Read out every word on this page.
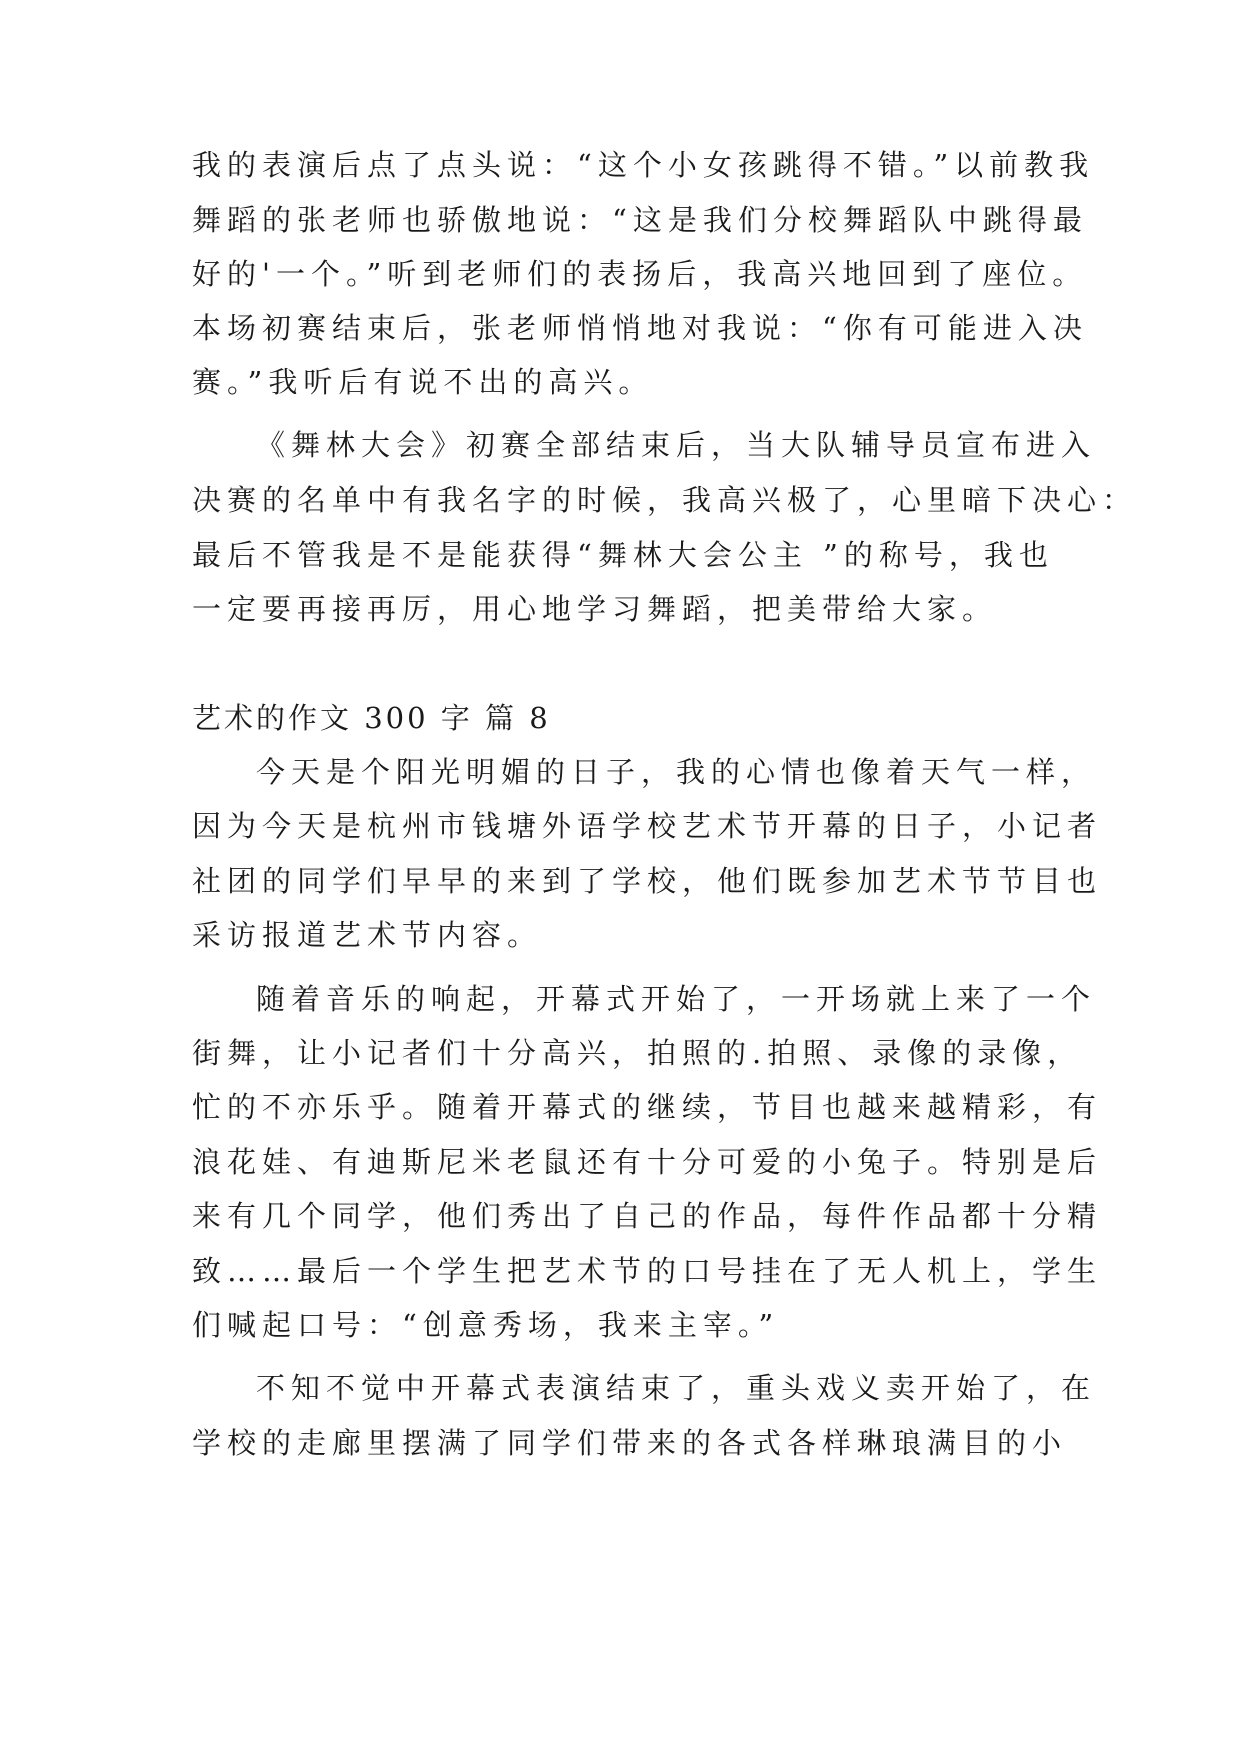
我的表演后点了点头说：“这个小女孩跳得不错。”以前教我
舞蹈的张老师也骄傲地说：“这是我们分校舞蹈队中跳得最
好的'一个。”听到老师们的表扬后，我高兴地回到了座位。
本场初赛结束后，张老师悄悄地对我说：“你有可能进入决
赛。”我听后有说不出的高兴。
《舞林大会》初赛全部结束后，当大队辅导员宣布进入
决赛的名单中有我名字的时候，我高兴极了，心里暗下决心：
最后不管我是不是能获得“舞林大会公主 ”的称号，我也
一定要再接再厉，用心地学习舞蹈，把美带给大家。
艺术的作文 300 字 篇 8
今天是个阳光明媚的日子，我的心情也像着天气一样，
因为今天是杭州市钱塘外语学校艺术节开幕的日子，小记者
社团的同学们早早的来到了学校，他们既参加艺术节节目也
采访报道艺术节内容。
随着音乐的响起，开幕式开始了，一开场就上来了一个
街舞，让小记者们十分高兴，拍照的.拍照、录像的录像，
忙的不亦乐乎。随着开幕式的继续，节目也越来越精彩，有
浪花娃、有迪斯尼米老鼠还有十分可爱的小兔子。特别是后
来有几个同学，他们秀出了自己的作品，每件作品都十分精
致……最后一个学生把艺术节的口号挂在了无人机上，学生
们喊起口号：“创意秀场，我来主宰。”
不知不觉中开幕式表演结束了，重头戏义卖开始了，在
学校的走廊里摆满了同学们带来的各式各样琳琅满目的小
